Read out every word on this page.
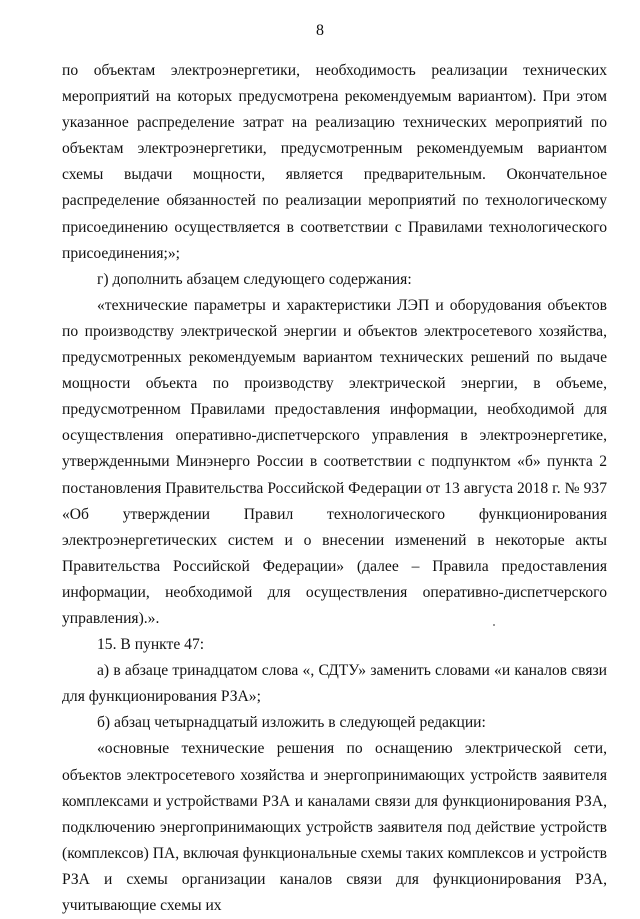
8

по объектам электроэнергетики, необходимость реализации технических мероприятий на которых предусмотрена рекомендуемым вариантом). При этом указанное распределение затрат на реализацию технических мероприятий по объектам электроэнергетики, предусмотренным рекомендуемым вариантом схемы выдачи мощности, является предварительным. Окончательное распределение обязанностей по реализации мероприятий по технологическому присоединению осуществляется в соответствии с Правилами технологического присоединения;»;

г) дополнить абзацем следующего содержания:

«технические параметры и характеристики ЛЭП и оборудования объектов по производству электрической энергии и объектов электросетевого хозяйства, предусмотренных рекомендуемым вариантом технических решений по выдаче мощности объекта по производству электрической энергии, в объеме, предусмотренном Правилами предоставления информации, необходимой для осуществления оперативно-диспетчерского управления в электроэнергетике, утвержденными Минэнерго России в соответствии с подпунктом «б» пункта 2 постановления Правительства Российской Федерации от 13 августа 2018 г. № 937 «Об утверждении Правил технологического функционирования электроэнергетических систем и о внесении изменений в некоторые акты Правительства Российской Федерации» (далее – Правила предоставления информации, необходимой для осуществления оперативно-диспетчерского управления).».

15. В пункте 47:

а) в абзаце тринадцатом слова «, СДТУ» заменить словами «и каналов связи для функционирования РЗА»;

б) абзац четырнадцатый изложить в следующей редакции:

«основные технические решения по оснащению электрической сети, объектов электросетевого хозяйства и энергопринимающих устройств заявителя комплексами и устройствами РЗА и каналами связи для функционирования РЗА, подключению энергопринимающих устройств заявителя под действие устройств (комплексов) ПА, включая функциональные схемы таких комплексов и устройств РЗА и схемы организации каналов связи для функционирования РЗА, учитывающие схемы их
